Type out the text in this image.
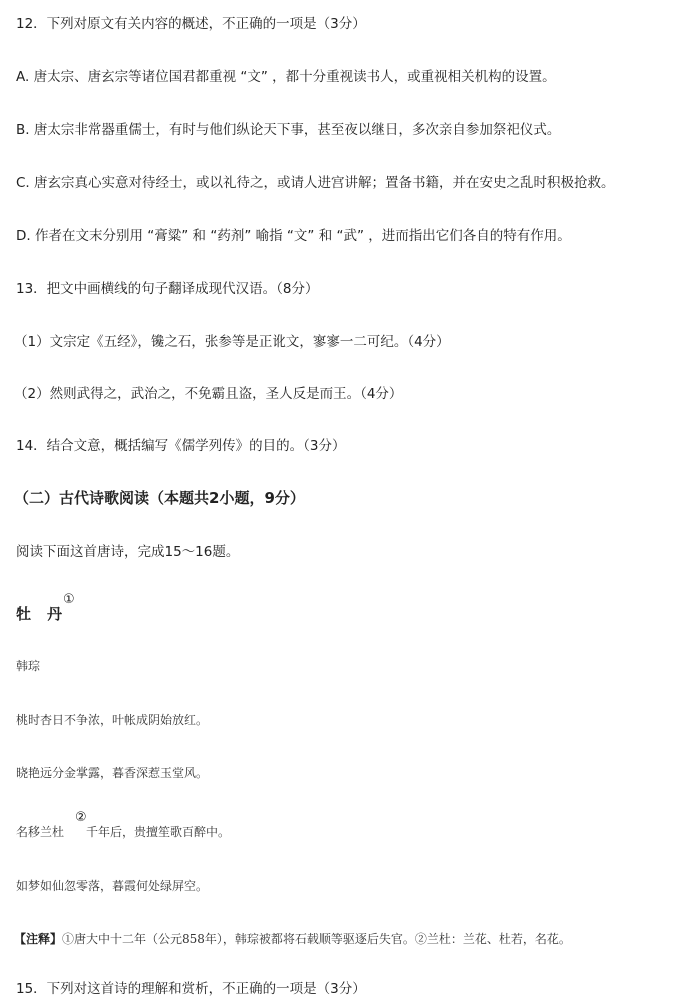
12．下列对原文有关内容的概述，不正确的一项是（3分）
A. 唐太宗、唐玄宗等诸位国君都重视 “文” ，都十分重视读书人，或重视相关机构的设置。
B. 唐太宗非常器重儒士，有时与他们纵论天下事，甚至夜以继日，多次亲自参加祭祀仪式。
C. 唐玄宗真心实意对待经士，或以礼待之，或请人进宫讲解；置备书籍，并在安史之乱时积极抢救。
D. 作者在文末分别用 “膏粱” 和 “药剂” 喻指 “文” 和 “武” ，进而指出它们各自的特有作用。
13．把文中画横线的句子翻译成现代汉语。（8分）
（1）文宗定《五经》，镵之石，张参等是正讹文，寥寥一二可纪。（4分）
（2）然则武得之，武治之，不免霸且盗，圣人反是而王。（4分）
14．结合文意，概括编写《儒学列传》的目的。（3分）
（二）古代诗歌阅读（本题共2小题，9分）
阅读下面这首唐诗，完成15～16题。
牡 丹
①
韩琮
桃时杏日不争浓，叶帐成阴始放红。
晓艳远分金掌露，暮香深惹玉堂风。
名移兰杜 千年后，贵擅笙歌百醉中。
②
如梦如仙忽零落，暮霞何处绿屏空。
【注释】①唐大中十二年（公元858年），韩琮被都将石载顺等驱逐后失官。②兰杜：兰花、杜若，名花。
15．下列对这首诗的理解和赏析，不正确的一项是（3分）
